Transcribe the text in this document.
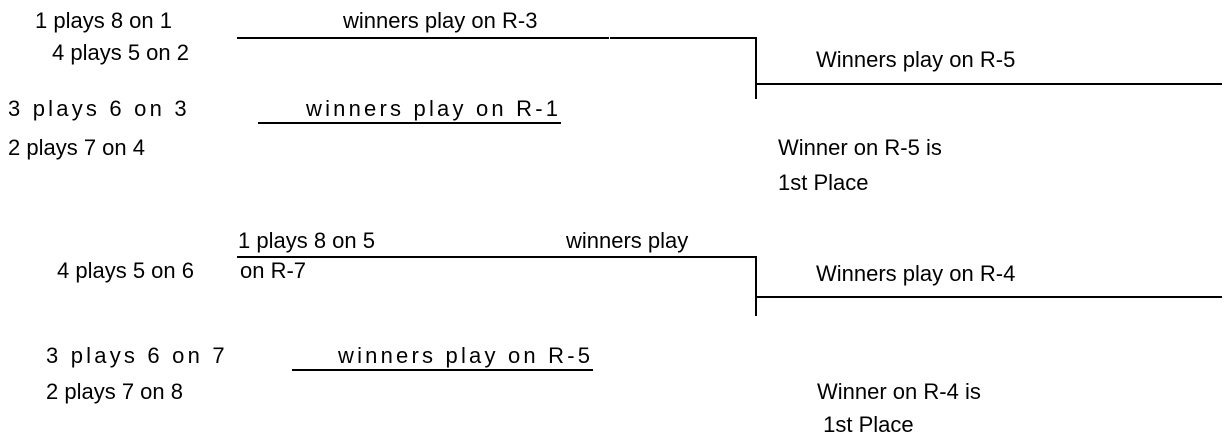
1 plays 8 on 1	winners play on R-3
4 plays 5 on 2	Winners play on R-5
3 plays 6 on 3	winners play on R-1
2 plays 7 on 4	Winner on R-5 is
1st Place
1 plays 8 on 5	winners play
4 plays 5 on 6 on R-7	Winners play on R-4
3 plays 6 on 7	winners play on R-5
2 plays 7 on 8	Winner on R-4 is
1st Place
